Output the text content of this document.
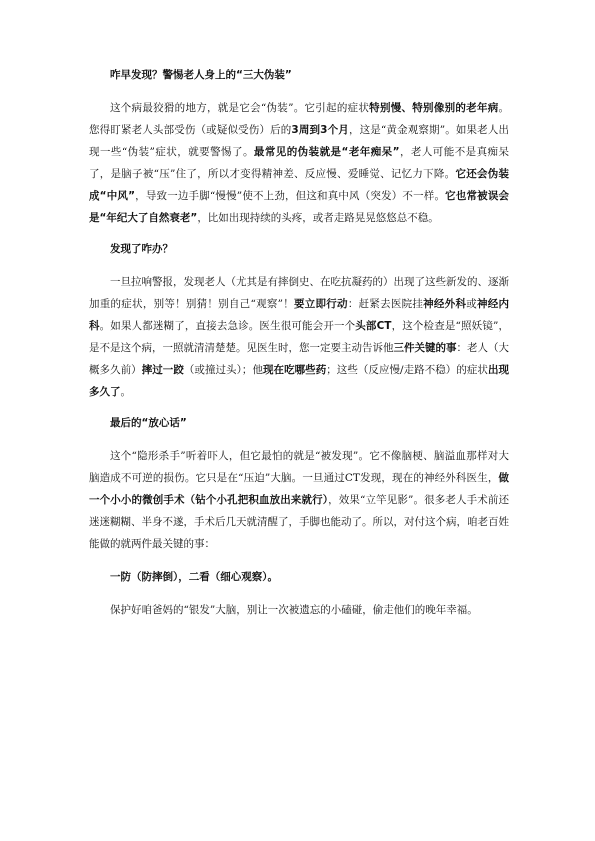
咋早发现？警惕老人身上的“三大伪装”

这个病最狡猾的地方，就是它会“伪装”。它引起的症状特别慢、特别像别的老年病。您得盯紧老人头部受伤（或疑似受伤）后的3周到3个月，这是“黄金观察期”。如果老人出现一些“伪装”症状，就要警惕了。最常见的伪装就是“老年痴呆”，老人可能不是真痴呆了，是脑子被“压”住了，所以才变得精神差、反应慢、爱睡觉、记忆力下降。它还会伪装成“中风”，导致一边手脚“慢慢”使不上劲，但这和真中风（突发）不一样。它也常被误会是“年纪大了自然衰老”，比如出现持续的头疼，或者走路晃晃悠悠总不稳。

发现了咋办？

一旦拉响警报，发现老人（尤其是有摔倒史、在吃抗凝药的）出现了这些新发的、逐渐加重的症状，别等！别猜！别自己“观察”！要立即行动：赶紧去医院挂神经外科或神经内科。如果人都迷糊了，直接去急诊。医生很可能会开一个头部CT，这个检查是“照妖镜”，是不是这个病，一照就清清楚楚。见医生时，您一定要主动告诉他三件关键的事：老人（大概多久前）摔过一跤（或撞过头）；他现在吃哪些药；这些（反应慢/走路不稳）的症状出现多久了。

最后的“放心话”

这个“隐形杀手”听着吓人，但它最怕的就是“被发现”。它不像脑梗、脑溢血那样对大脑造成不可逆的损伤。它只是在“压迫”大脑。一旦通过CT发现，现在的神经外科医生，做一个小小的微创手术（钻个小孔把积血放出来就行），效果“立竿见影”。很多老人手术前还迷迷糊糊、半身不遂，手术后几天就清醒了，手脚也能动了。所以，对付这个病，咱老百姓能做的就两件最关键的事：

一防（防摔倒），二看（细心观察）。

保护好咱爸妈的“银发”大脑，别让一次被遗忘的小磕碰，偷走他们的晚年幸福。
